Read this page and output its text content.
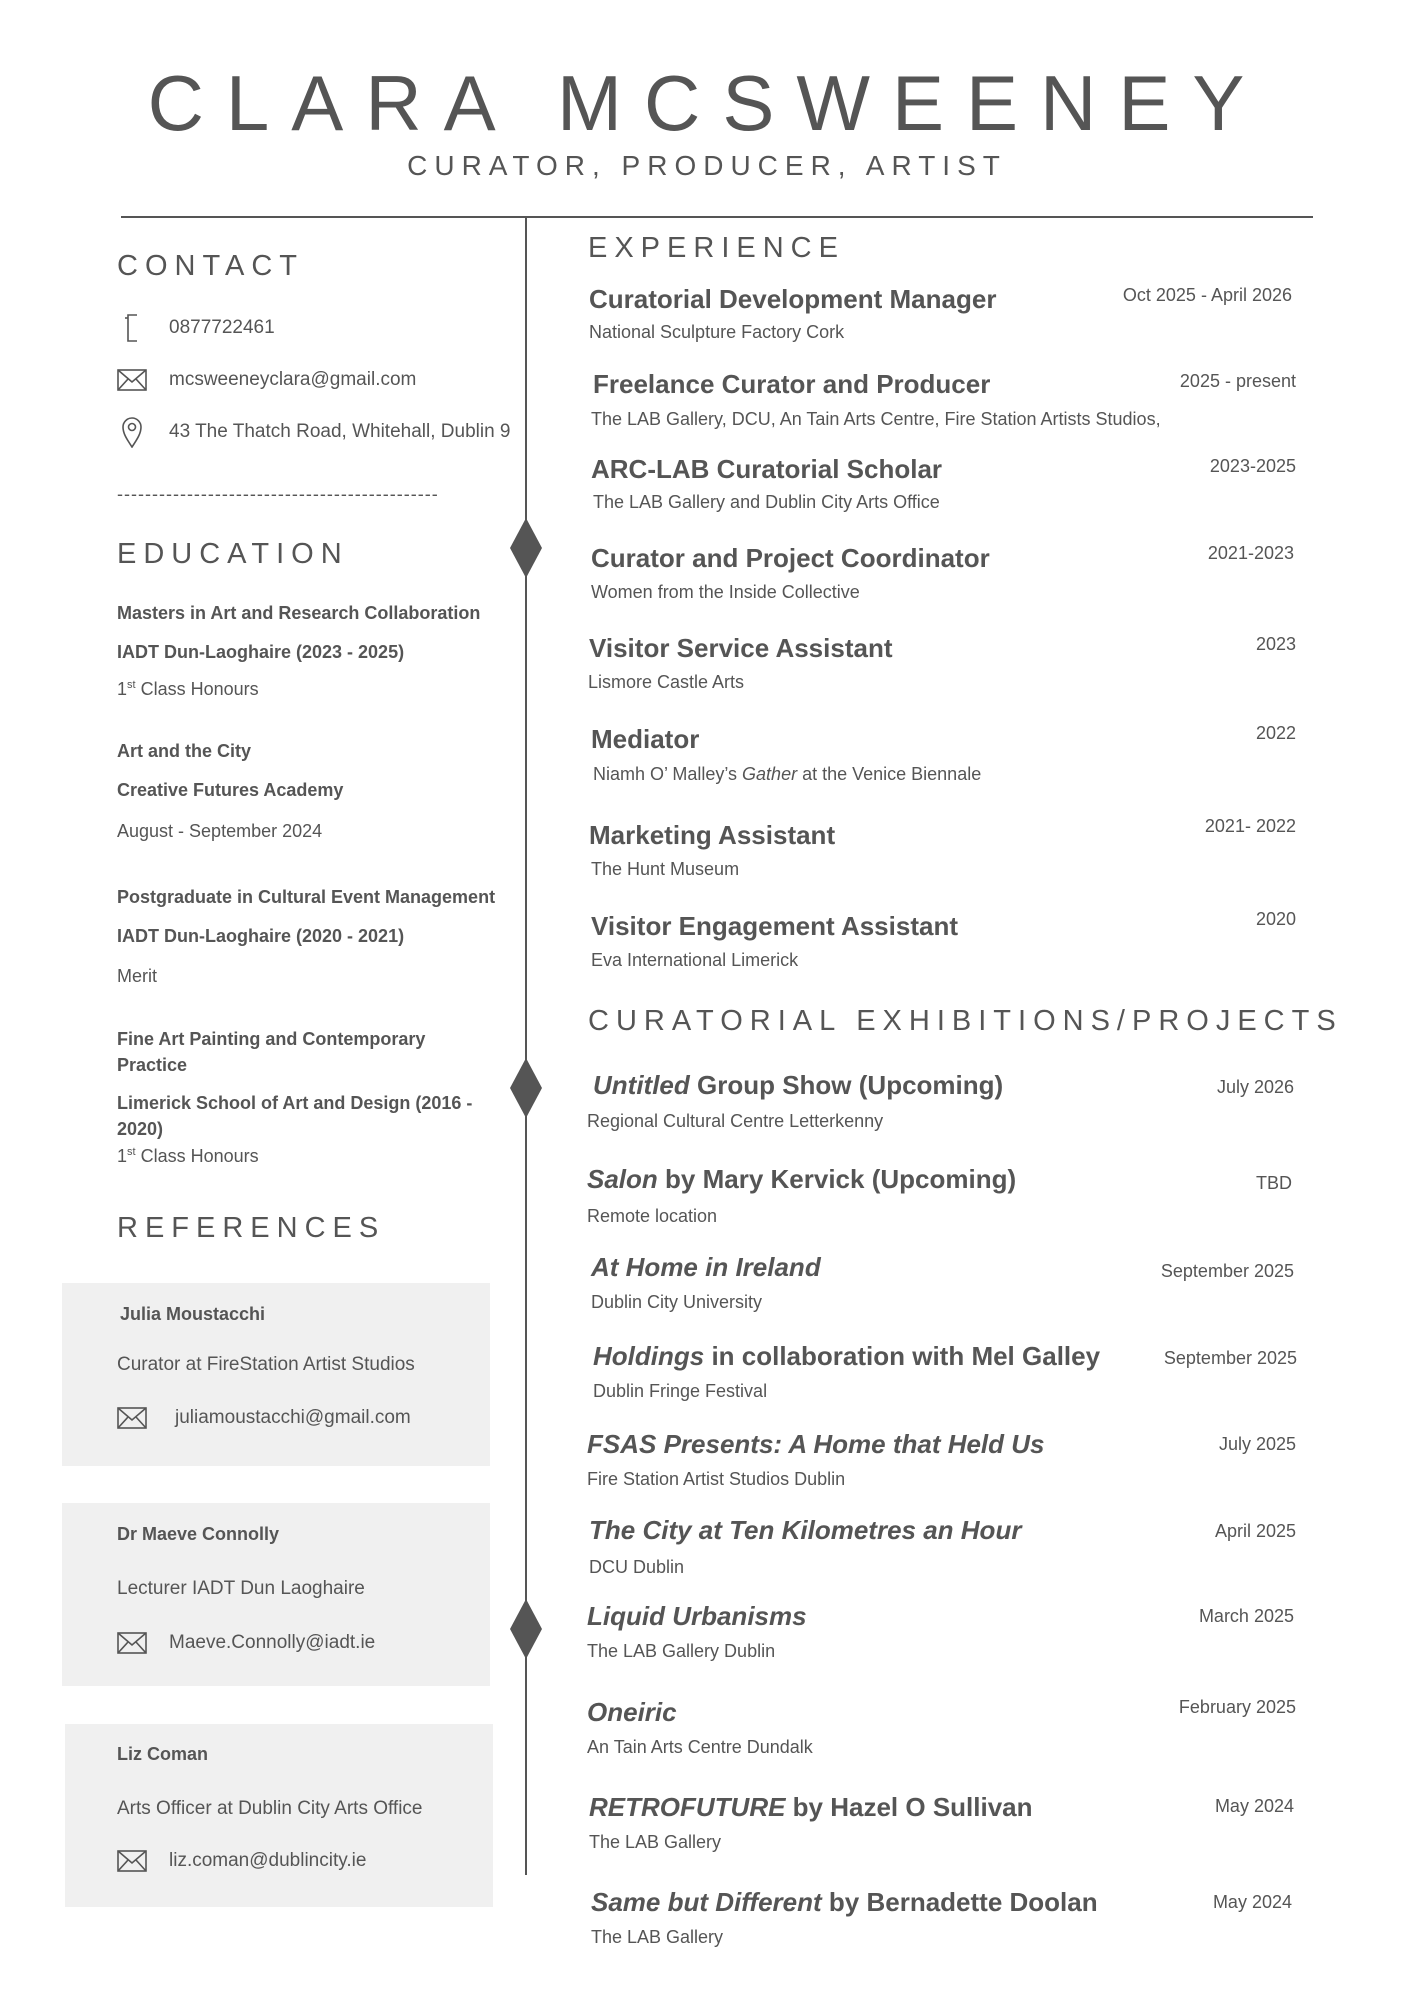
CLARA MCSWEENEY
CURATOR, PRODUCER, ARTIST
CONTACT
0877722461
mcsweeneyclara@gmail.com
43 The Thatch Road, Whitehall, Dublin 9
----------------------------------------------
EDUCATION
Masters in Art and Research Collaboration
IADT Dun-Laoghaire (2023 - 2025)
1st Class Honours
Art and the City
Creative Futures Academy
August - September 2024
Postgraduate in Cultural Event Management
IADT Dun-Laoghaire (2020 - 2021)
Merit
Fine Art Painting and Contemporary Practice
Limerick School of Art and Design (2016 - 2020)
1st Class Honours
REFERENCES
Julia Moustacchi
Curator at FireStation Artist Studios
juliamoustacchi@gmail.com
Dr Maeve Connolly
Lecturer IADT Dun Laoghaire
Maeve.Connolly@iadt.ie
Liz Coman
Arts Officer at Dublin City Arts Office
liz.coman@dublincity.ie
EXPERIENCE
Curatorial Development Manager
National Sculpture Factory Cork
Oct 2025 - April 2026
Freelance Curator and Producer
The LAB Gallery, DCU, An Tain Arts Centre, Fire Station Artists Studios,
2025 - present
ARC-LAB Curatorial Scholar
The LAB Gallery and Dublin City Arts Office
2023-2025
Curator and Project Coordinator
Women from the Inside Collective
2021-2023
Visitor Service Assistant
Lismore Castle Arts
2023
Mediator
Niamh O’ Malley’s Gather at the Venice Biennale
2022
Marketing Assistant
The Hunt Museum
2021- 2022
Visitor Engagement Assistant
Eva International Limerick
2020
CURATORIAL EXHIBITIONS/PROJECTS
Untitled Group Show (Upcoming)
Regional Cultural Centre Letterkenny
July 2026
Salon by Mary Kervick (Upcoming)
Remote location
TBD
At Home in Ireland
Dublin City University
September 2025
Holdings in collaboration with Mel Galley
Dublin Fringe Festival
September 2025
FSAS Presents: A Home that Held Us
Fire Station Artist Studios Dublin
July 2025
The City at Ten Kilometres an Hour
DCU Dublin
April 2025
Liquid Urbanisms
The LAB Gallery Dublin
March 2025
Oneiric
An Tain Arts Centre Dundalk
February 2025
RETROFUTURE by Hazel O Sullivan
The LAB Gallery
May 2024
Same but Different by Bernadette Doolan
The LAB Gallery
May 2024
